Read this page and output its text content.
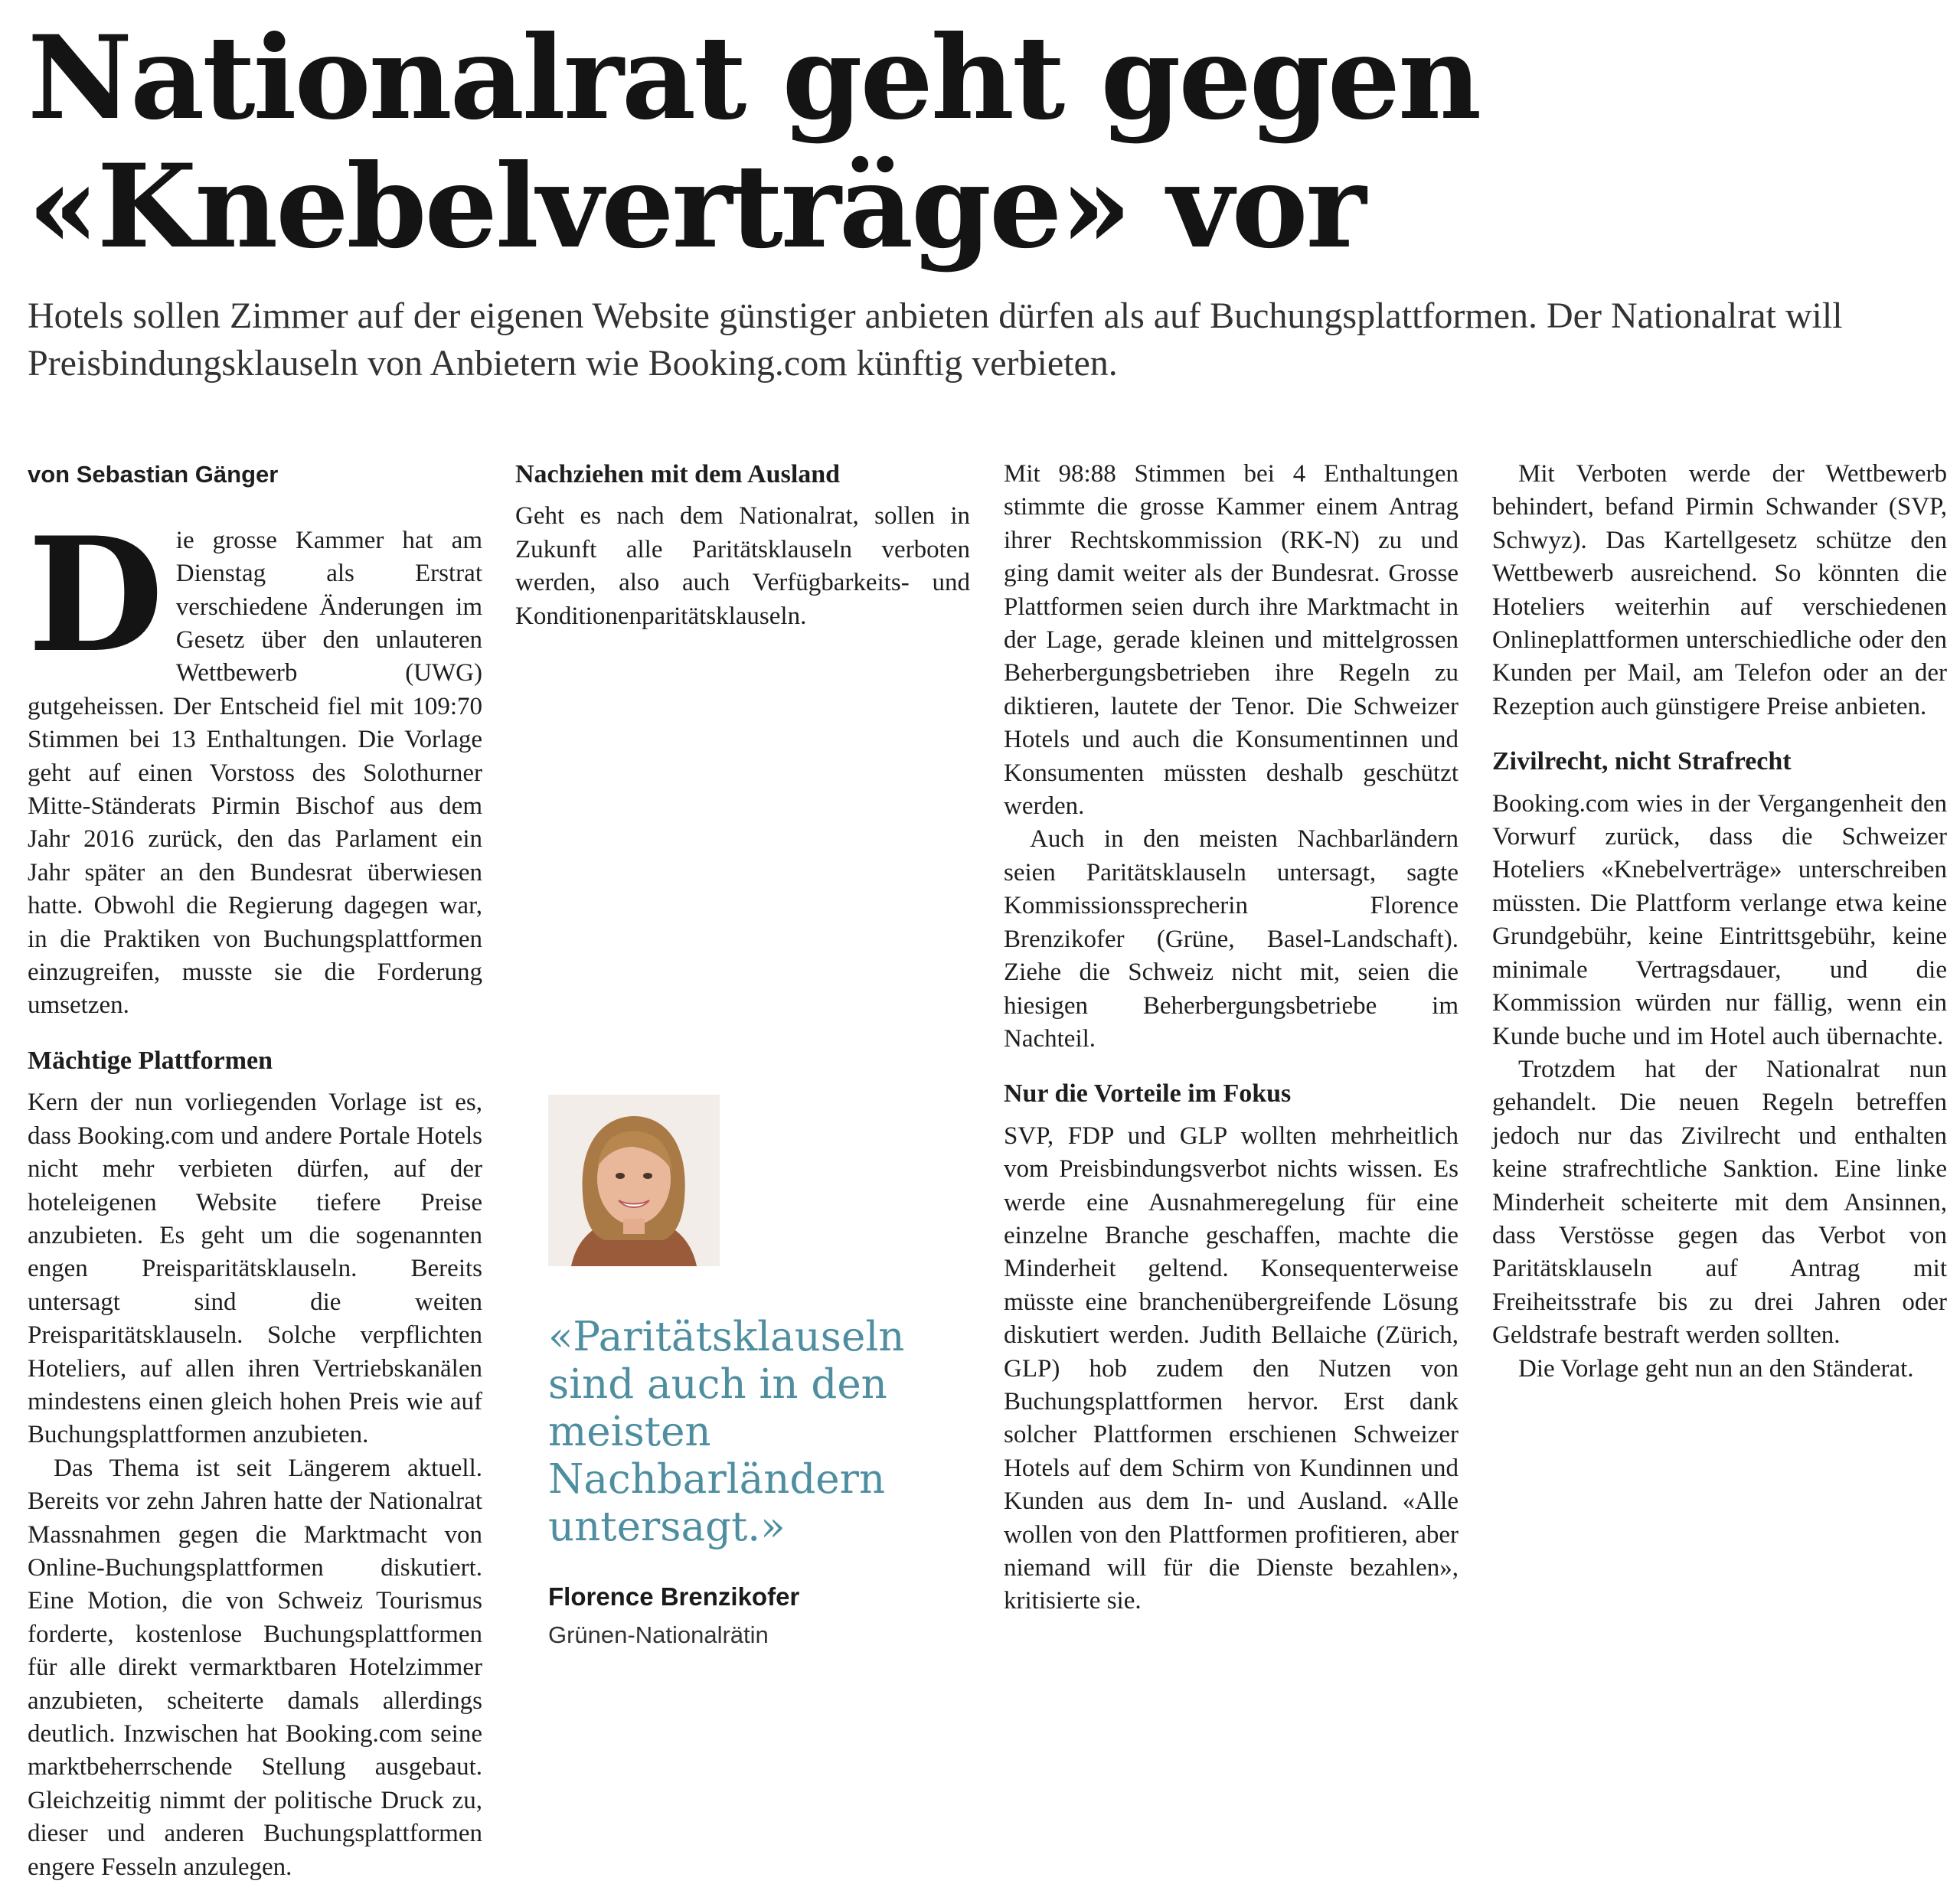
Nationalrat geht gegen «Knebelverträge» vor

Hotels sollen Zimmer auf der eigenen Website günstiger anbieten dürfen als auf Buchungsplattformen. Der Nationalrat will Preisbindungsklauseln von Anbietern wie Booking.com künftig verbieten.

von Sebastian Gänger

Die grosse Kammer hat am Dienstag als Erstrat verschiedene Änderungen im Gesetz über den unlauteren Wettbewerb (UWG) gutgeheissen. Der Entscheid fiel mit 109:70 Stimmen bei 13 Enthaltungen. Die Vorlage geht auf einen Vorstoss des Solothurner Mitte-Ständerats Pirmin Bischof aus dem Jahr 2016 zurück, den das Parlament ein Jahr später an den Bundesrat überwiesen hatte. Obwohl die Regierung dagegen war, in die Praktiken von Buchungsplattformen einzugreifen, musste sie die Forderung umsetzen.

Mächtige Plattformen

Kern der nun vorliegenden Vorlage ist es, dass Booking.com und andere Portale Hotels nicht mehr verbieten dürfen, auf der hoteleigenen Website tiefere Preise anzubieten. Es geht um die sogenannten engen Preisparitätsklauseln. Bereits untersagt sind die weiten Preisparitätsklauseln. Solche verpflichten Hoteliers, auf allen ihren Vertriebskanälen mindestens einen gleich hohen Preis wie auf Buchungsplattformen anzubieten.

Das Thema ist seit Längerem aktuell. Bereits vor zehn Jahren hatte der Nationalrat Massnahmen gegen die Marktmacht von Online-Buchungsplattformen diskutiert. Eine Motion, die von Schweiz Tourismus forderte, kostenlose Buchungsplattformen für alle direkt vermarktbaren Hotelzimmer anzubieten, scheiterte damals allerdings deutlich. Inzwischen hat Booking.com seine marktbeherrschende Stellung ausgebaut. Gleichzeitig nimmt der politische Druck zu, dieser und anderen Buchungsplattformen engere Fesseln anzulegen.

Nachziehen mit dem Ausland

Geht es nach dem Nationalrat, sollen in Zukunft alle Paritätsklauseln verboten werden, also auch Verfügbarkeits- und Konditionenparitätsklauseln.

Mit 98:88 Stimmen bei 4 Enthaltungen stimmte die grosse Kammer einem Antrag ihrer Rechtskommission (RK-N) zu und ging damit weiter als der Bundesrat. Grosse Plattformen seien durch ihre Marktmacht in der Lage, gerade kleinen und mittelgrossen Beherbergungsbetrieben ihre Regeln zu diktieren, lautete der Tenor. Die Schweizer Hotels und auch die Konsumentinnen und Konsumenten müssten deshalb geschützt werden.

Auch in den meisten Nachbarländern seien Paritätsklauseln untersagt, sagte Kommissionssprecherin Florence Brenzikofer (Grüne, Basel-Landschaft). Ziehe die Schweiz nicht mit, seien die hiesigen Beherbergungsbetriebe im Nachteil.

Nur die Vorteile im Fokus

SVP, FDP und GLP wollten mehrheitlich vom Preisbindungsverbot nichts wissen. Es werde eine Ausnahmeregelung für eine einzelne Branche geschaffen, machte die Minderheit geltend. Konsequenterweise müsste eine branchenübergreifende Lösung diskutiert werden. Judith Bellaiche (Zürich, GLP) hob zudem den Nutzen von Buchungsplattformen hervor. Erst dank solcher Plattformen erschienen Schweizer Hotels auf dem Schirm von Kundinnen und Kunden aus dem In- und Ausland. «Alle wollen von den Plattformen profitieren, aber niemand will für die Dienste bezahlen», kritisierte sie.

Mit Verboten werde der Wettbewerb behindert, befand Pirmin Schwander (SVP, Schwyz). Das Kartellgesetz schütze den Wettbewerb ausreichend. So könnten die Hoteliers weiterhin auf verschiedenen Onlineplattformen unterschiedliche oder den Kunden per Mail, am Telefon oder an der Rezeption auch günstigere Preise anbieten.

Zivilrecht, nicht Strafrecht

Booking.com wies in der Vergangenheit den Vorwurf zurück, dass die Schweizer Hoteliers «Knebelverträge» unterschreiben müssten. Die Plattform verlange etwa keine Grundgebühr, keine Eintrittsgebühr, keine minimale Vertragsdauer, und die Kommission würden nur fällig, wenn ein Kunde buche und im Hotel auch übernachte.

Trotzdem hat der Nationalrat nun gehandelt. Die neuen Regeln betreffen jedoch nur das Zivilrecht und enthalten keine strafrechtliche Sanktion. Eine linke Minderheit scheiterte mit dem Ansinnen, dass Verstösse gegen das Verbot von Paritätsklauseln auf Antrag mit Freiheitsstrafe bis zu drei Jahren oder Geldstrafe bestraft werden sollten.

Die Vorlage geht nun an den Ständerat.

«Paritätsklauseln sind auch in den meisten Nachbarländern untersagt.»

Florence Brenzikofer
Grünen-Nationalrätin
